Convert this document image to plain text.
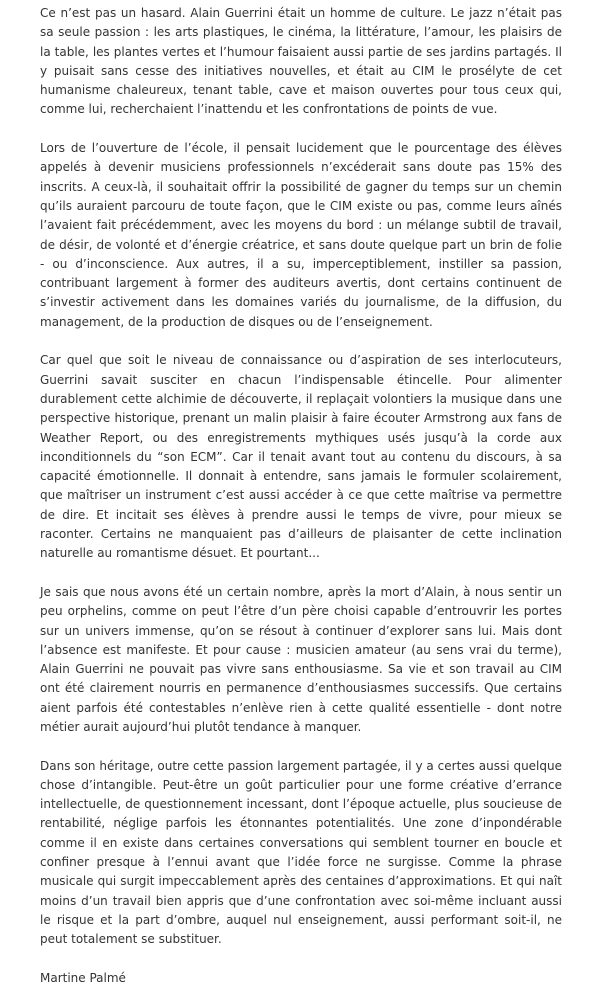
Ce n’est pas un hasard. Alain Guerrini était un homme de culture. Le jazz n’était pas sa seule passion : les arts plastiques, le cinéma, la littérature, l’amour, les plaisirs de la table, les plantes vertes et l’humour faisaient aussi partie de ses jardins partagés. Il y puisait sans cesse des initiatives nouvelles, et était au CIM le prosélyte de cet humanisme chaleureux, tenant table, cave et maison ouvertes pour tous ceux qui, comme lui, recherchaient l’inattendu et les confrontations de points de vue.

Lors de l’ouverture de l’école, il pensait lucidement que le pourcentage des élèves appelés à devenir musiciens professionnels n’excéderait sans doute pas 15% des inscrits. A ceux-là, il souhaitait offrir la possibilité de gagner du temps sur un chemin qu’ils auraient parcouru de toute façon, que le CIM existe ou pas, comme leurs aînés l’avaient fait précédemment, avec les moyens du bord : un mélange subtil de travail, de désir, de volonté et d’énergie créatrice, et sans doute quelque part un brin de folie - ou d’inconscience. Aux autres, il a su, imperceptiblement, instiller sa passion, contribuant largement à former des auditeurs avertis, dont certains continuent de s’investir activement dans les domaines variés du journalisme, de la diffusion, du management, de la production de disques ou de l’enseignement.

Car quel que soit le niveau de connaissance ou d’aspiration de ses interlocuteurs, Guerrini savait susciter en chacun l’indispensable étincelle. Pour alimenter durablement cette alchimie de découverte, il replaçait volontiers la musique dans une perspective historique, prenant un malin plaisir à faire écouter Armstrong aux fans de Weather Report, ou des enregistrements mythiques usés jusqu’à la corde aux inconditionnels du “son ECM”. Car il tenait avant tout au contenu du discours, à sa capacité émotionnelle. Il donnait à entendre, sans jamais le formuler scolairement, que maîtriser un instrument c’est aussi accéder à ce que cette maîtrise va permettre de dire. Et incitait ses élèves à prendre aussi le temps de vivre, pour mieux se raconter. Certains ne manquaient pas d’ailleurs de plaisanter de cette inclination naturelle au romantisme désuet. Et pourtant...

Je sais que nous avons été un certain nombre, après la mort d’Alain, à nous sentir un peu orphelins, comme on peut l’être d’un père choisi capable d’entrouvrir les portes sur un univers immense, qu’on se résout à continuer d’explorer sans lui. Mais dont l’absence est manifeste. Et pour cause : musicien amateur (au sens vrai du terme), Alain Guerrini ne pouvait pas vivre sans enthousiasme. Sa vie et son travail au CIM ont été clairement nourris en permanence d’enthousiasmes successifs. Que certains aient parfois été contestables n’enlève rien à cette qualité essentielle - dont notre métier aurait aujourd’hui plutôt tendance à manquer.

Dans son héritage, outre cette passion largement partagée, il y a certes aussi quelque chose d’intangible. Peut-être un goût particulier pour une forme créative d’errance intellectuelle, de questionnement incessant, dont l’époque actuelle, plus soucieuse de rentabilité, néglige parfois les étonnantes potentialités. Une zone d’inpondérable comme il en existe dans certaines conversations qui semblent tourner en boucle et confiner presque à l’ennui avant que l’idée force ne surgisse. Comme la phrase musicale qui surgit impeccablement après des centaines d’approximations. Et qui naît moins d’un travail bien appris que d’une confrontation avec soi-même incluant aussi le risque et la part d’ombre, auquel nul enseignement, aussi performant soit-il, ne peut totalement se substituer.

Martine Palmé
